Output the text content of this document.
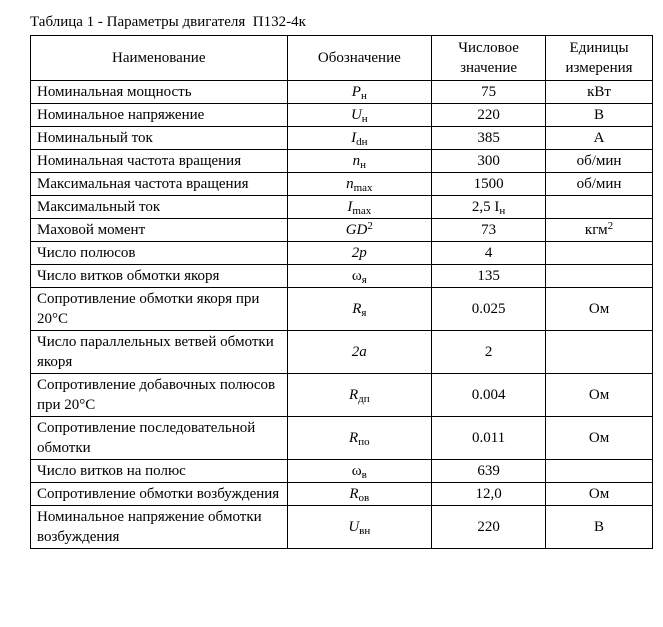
Таблица 1 - Параметры двигателя  П132-4к
Наименование	Обозначение	Числовое значение	Единицы измерения
Номинальная мощность	$P_н$	75	кВт
Номинальное напряжение	$U_н$	220	В
Номинальный ток	$I_{dн}$	385	А
Номинальная частота вращения	$n_н$	300	об/мин
Максимальная частота вращения	$n_{max}$	1500	об/мин
Максимальный ток	$I_{max}$	2,5 $I_н$	
Маховой момент	$GD^2$	73	кгм$^2$
Число полюсов	2p	4	
Число витков обмотки якоря	$\omega_я$	135	
Сопротивление обмотки якоря при 20°С	$R_я$	0.025	Ом
Число параллельных ветвей обмотки якоря	2a	2	
Сопротивление добавочных полюсов при 20°С	$R_{дп}$	0.004	Ом
Сопротивление последовательной обмотки	$R_{по}$	0.011	Ом
Число витков на полюс	$\omega_в$	639	
Сопротивление обмотки возбуждения	$R_{ов}$	12,0	Ом
Номинальное напряжение обмотки возбуждения	$U_{вн}$	220	В
